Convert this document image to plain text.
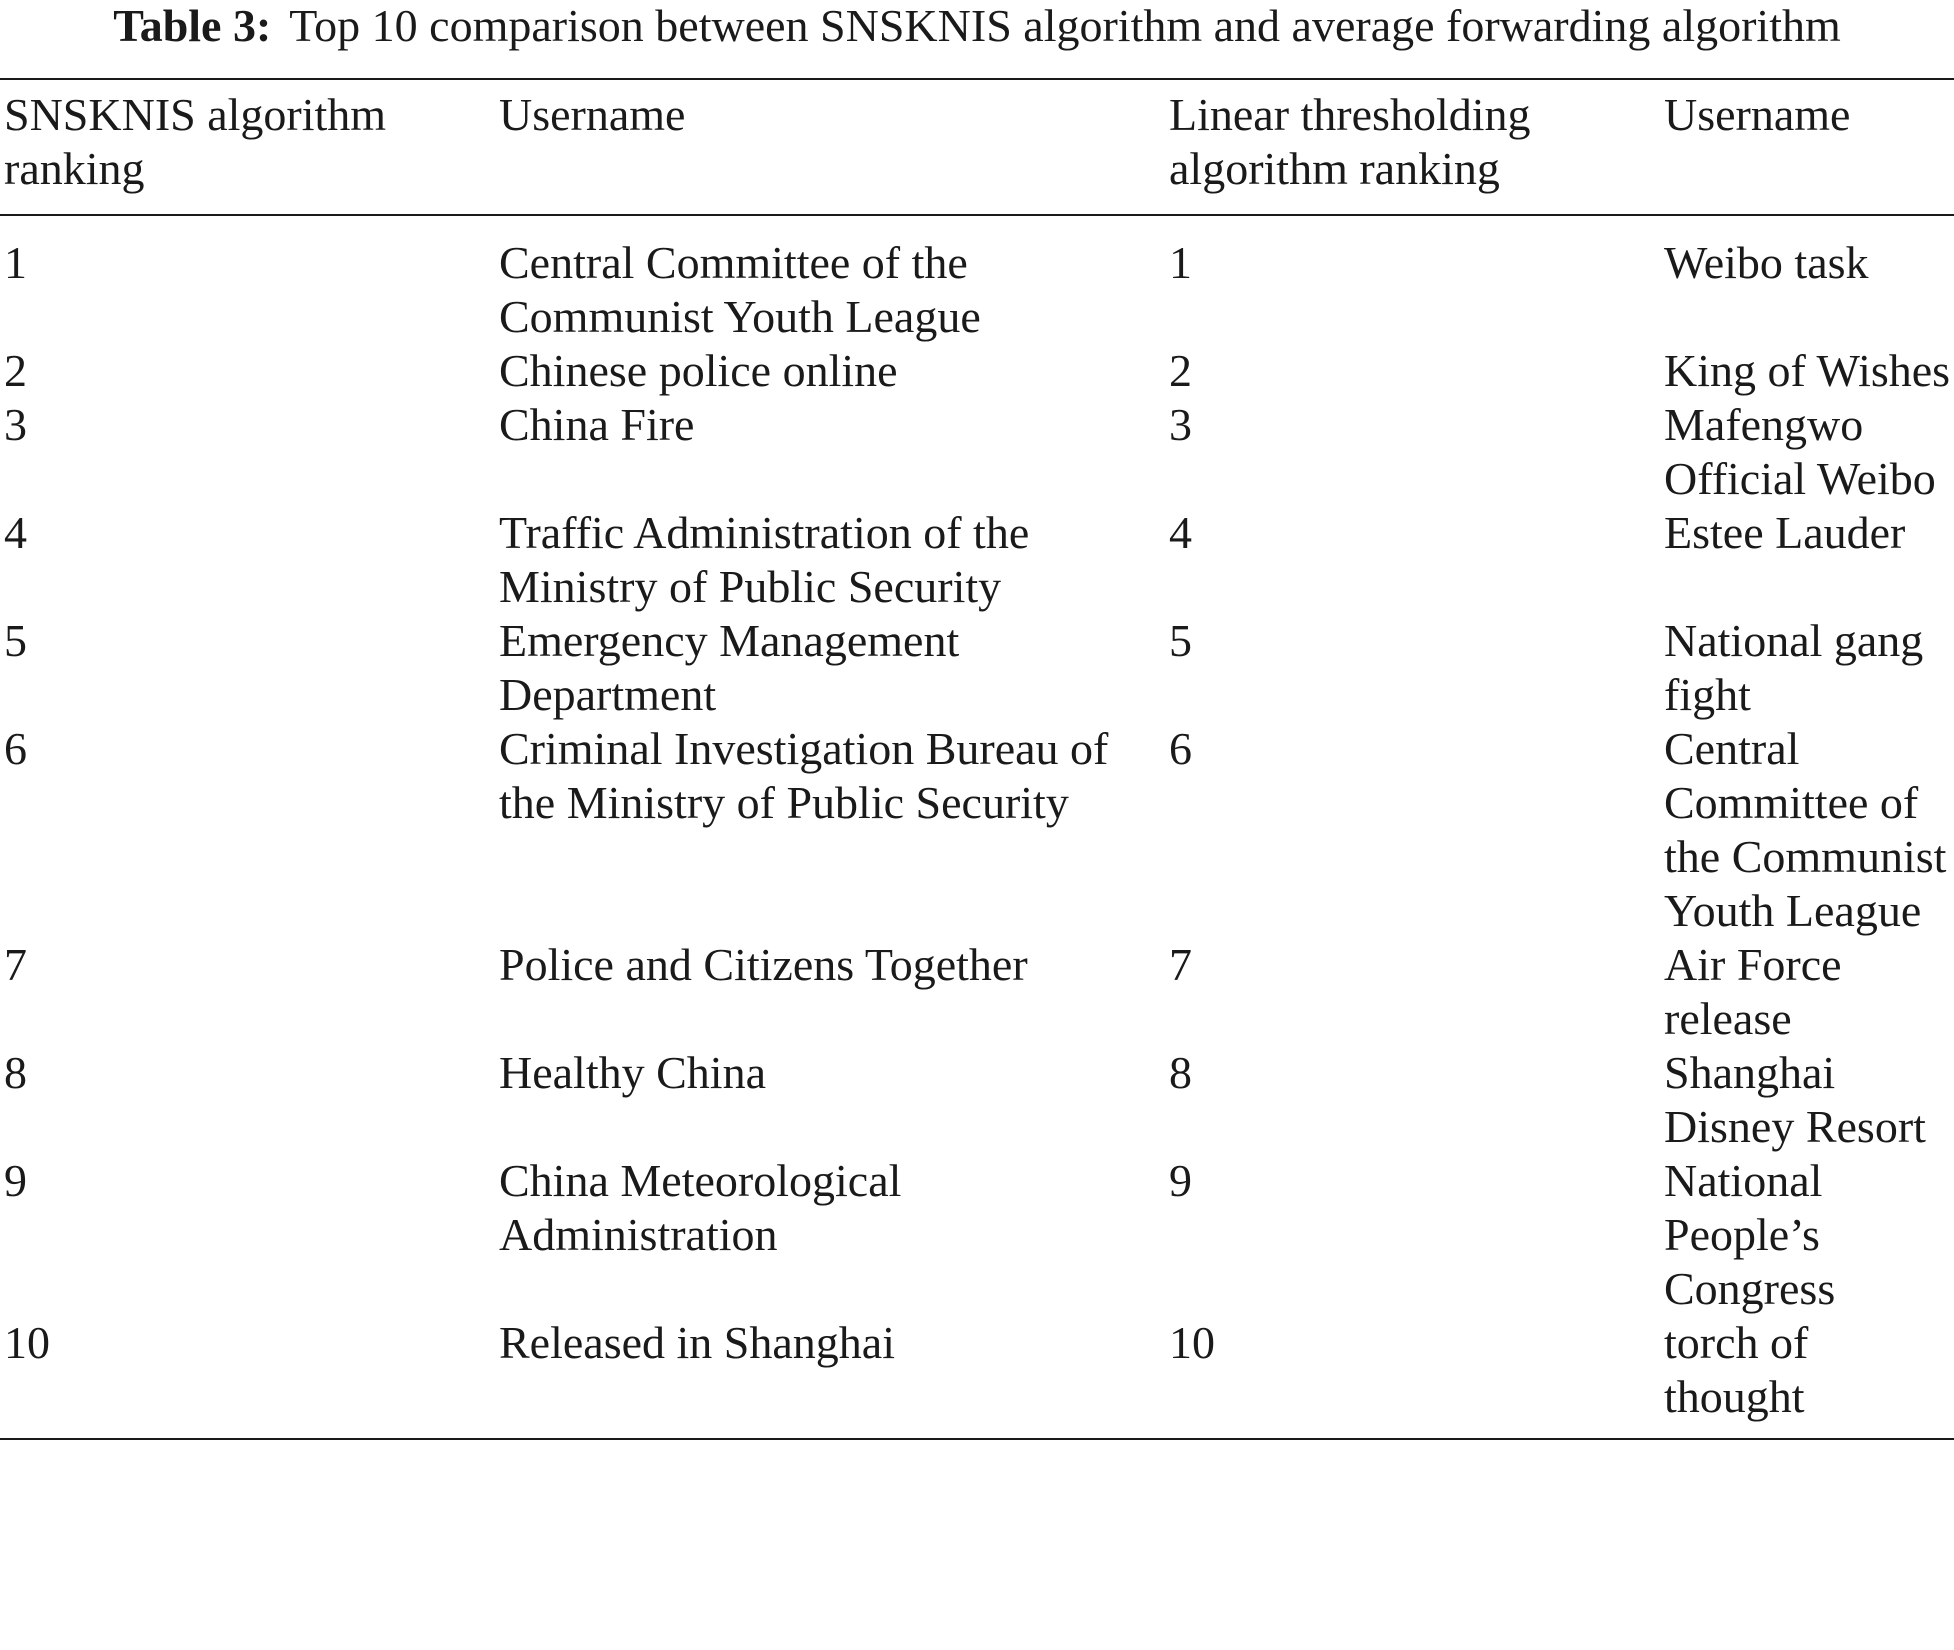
Table 3: Top 10 comparison between SNSKNIS algorithm and average forwarding algorithm
SNSKNIS algorithm ranking	Username	Linear thresholding algorithm ranking	Username
1	Central Committee of the Communist Youth League	1	Weibo task
2	Chinese police online	2	King of Wishes
3	China Fire	3	Mafengwo Official Weibo
4	Traffic Administration of the Ministry of Public Security	4	Estee Lauder
5	Emergency Management Department	5	National gang fight
6	Criminal Investigation Bureau of the Ministry of Public Security	6	Central Committee of the Communist Youth League
7	Police and Citizens Together	7	Air Force release
8	Healthy China	8	Shanghai Disney Resort
9	China Meteorological Administration	9	National People’s Congress
10	Released in Shanghai	10	torch of thought
